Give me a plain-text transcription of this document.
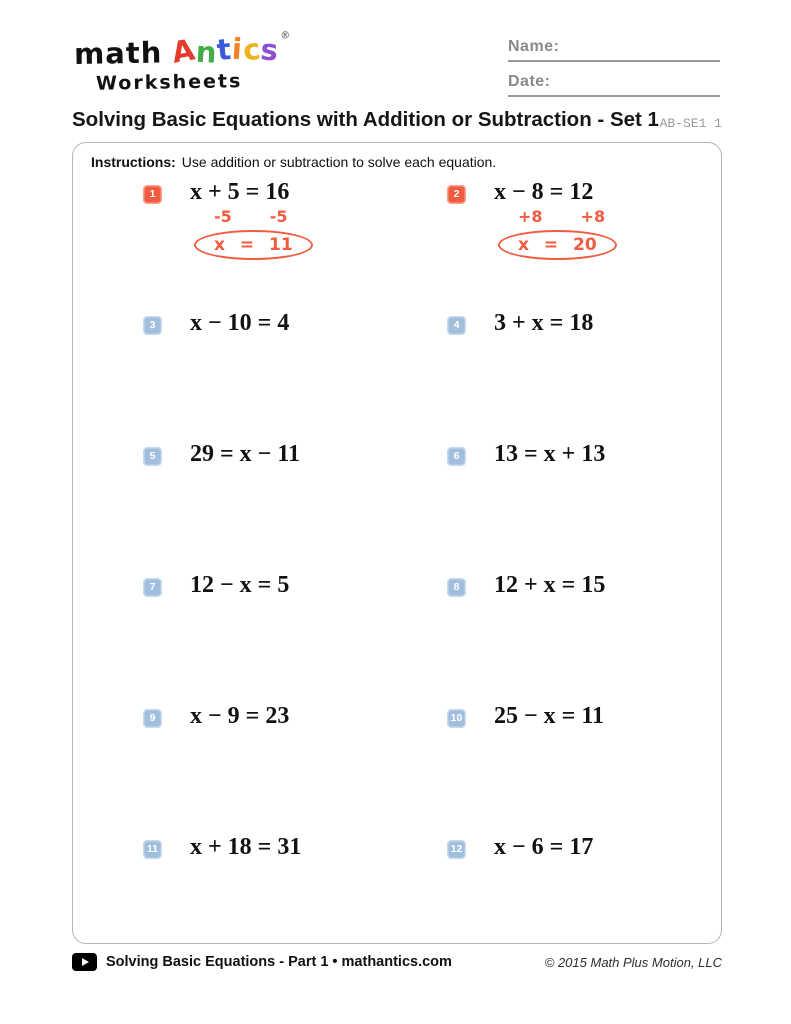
math Antics®
Worksheets
Name:
Date:
Solving Basic Equations with Addition or Subtraction - Set 1 AB-SE1 1
Instructions: Use addition or subtraction to solve each equation.
1 x + 5 = 16
-5 -5
x = 11
2 x − 8 = 12
+8 +8
x = 20
3 x − 10 = 4	4 3 + x = 18
5 29 = x − 11	6 13 = x + 13
7 12 − x = 5	8 12 + x = 15
9 x − 9 = 23	10 25 − x = 11
11 x + 18 = 31	12 x − 6 = 17
Solving Basic Equations - Part 1 • mathantics.com	© 2015 Math Plus Motion, LLC
